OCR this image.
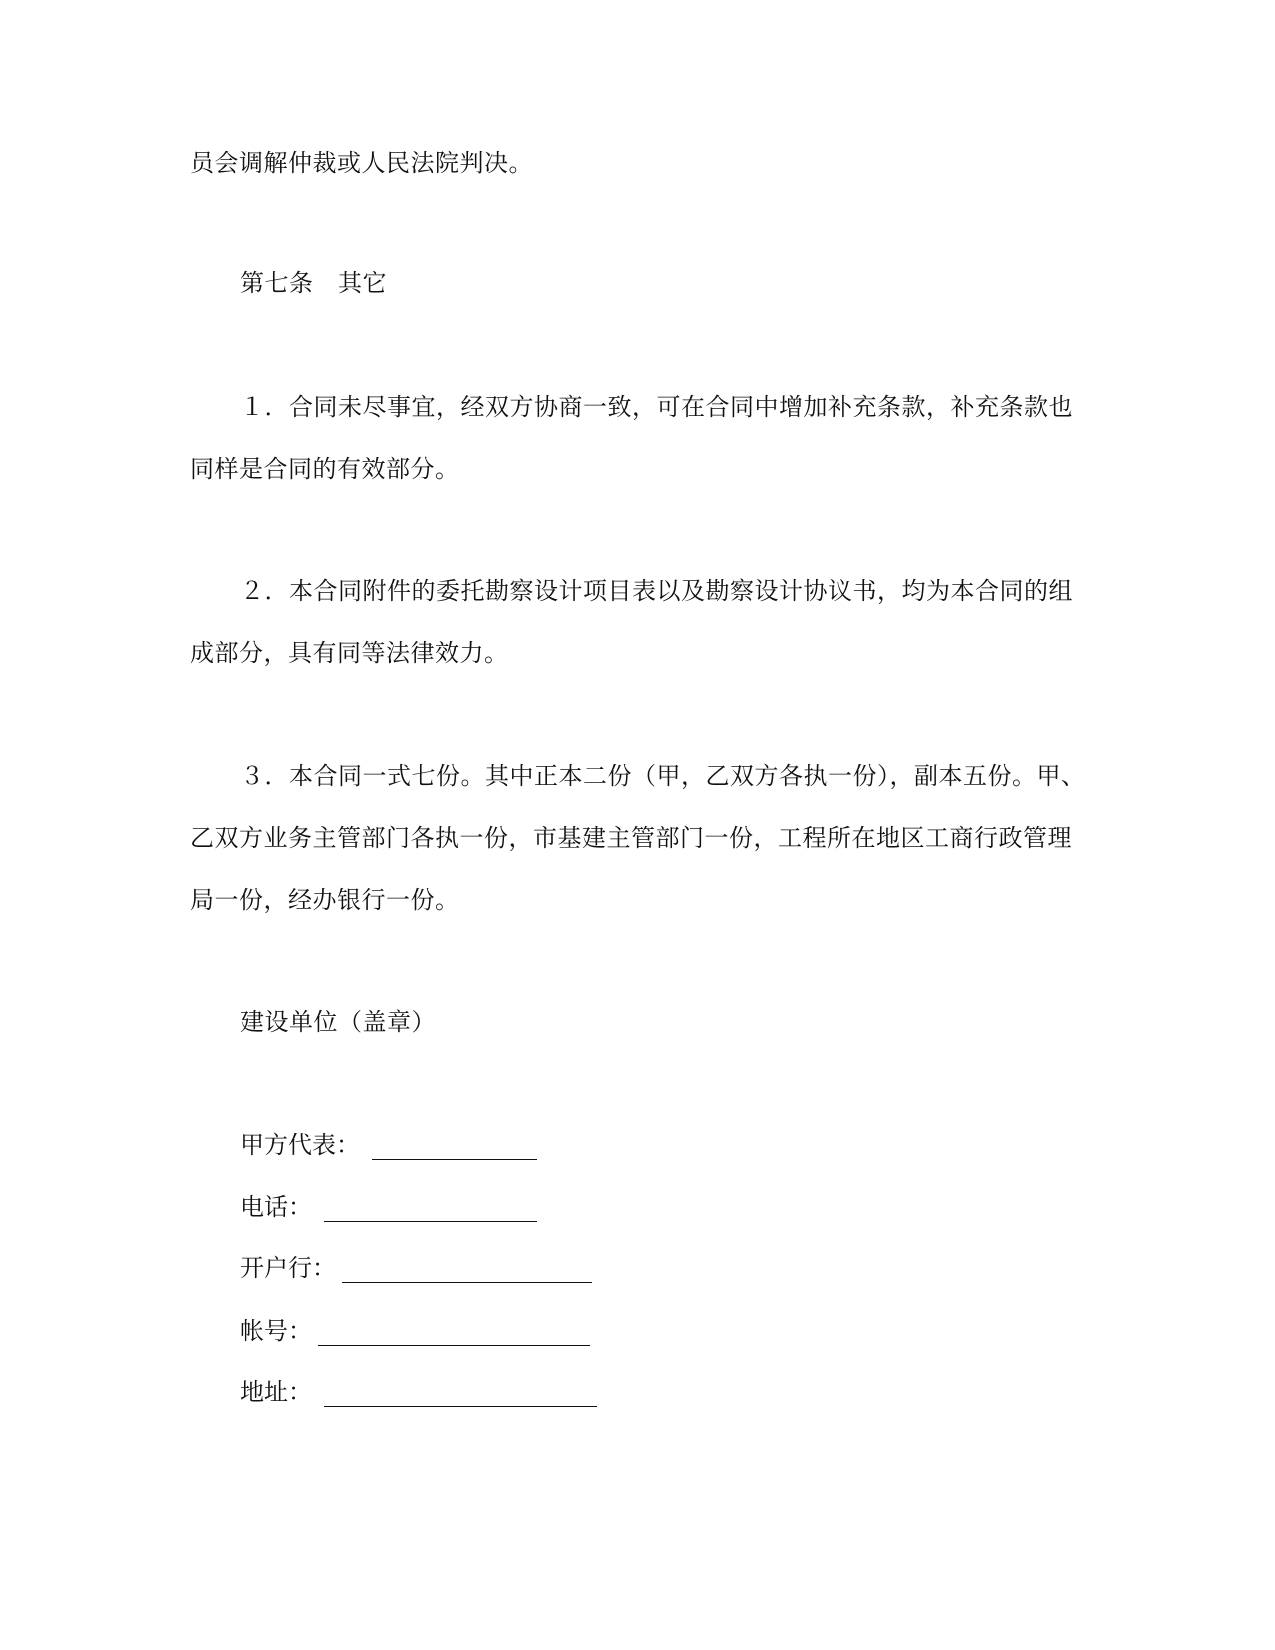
员会调解仲裁或人民法院判决。
第七条　其它
１．合同未尽事宜，经双方协商一致，可在合同中增加补充条款，补充条款也
同样是合同的有效部分。
２．本合同附件的委托勘察设计项目表以及勘察设计协议书，均为本合同的组
成部分，具有同等法律效力。
３．本合同一式七份。其中正本二份（甲，乙双方各执一份），副本五份。甲、
乙双方业务主管部门各执一份，市基建主管部门一份，工程所在地区工商行政管理
局一份，经办银行一份。
建设单位（盖章）
甲方代表：
电话：
开户行：
帐号：
地址：
